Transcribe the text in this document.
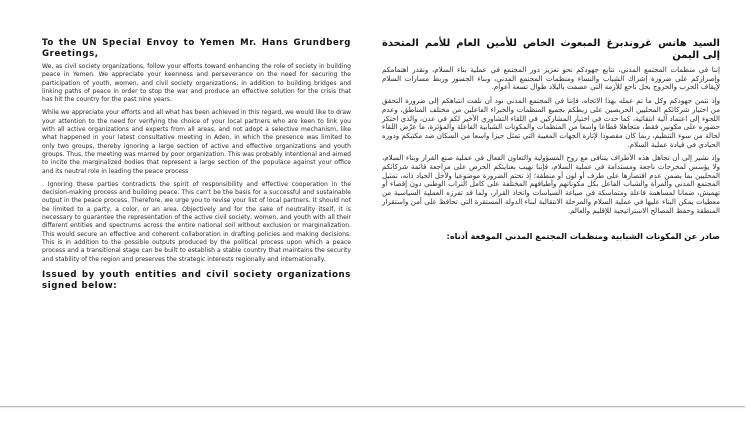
To the UN Special Envoy to Yemen Mr. Hans Grundberg Greetings,

We, as civil society organizations, follow your efforts toward enhancing the role of society in building peace in Yemen. We appreciate your keenness and perseverance on the need for securing the participation of youth, women, and civil society organizations, in addition to building bridges and linking paths of peace in order to stop the war and produce an effective solution for the crisis that has hit the country for the past nine years.

While we appreciate your efforts and all what has been achieved in this regard, we would like to draw your attention to the need for verifying the choice of your local partners who are keen to link you with all active organizations and experts from all areas, and not adopt a selective mechanism, like what happened in your latest consultative meeting in Aden, in which the presence was limited to only two groups, thereby ignoring a large section of active and effective organizations and youth groups. Thus, the meeting was marred by poor organization. This was probably intentional and aimed to incite the marginalized bodies that represent a large section of the populace against your office and its neutral role in leading the peace process

. Ignoring these parties contradicts the spirit of responsibility and effective cooperation in the decision-making process and building peace. This can't be the basis for a successful and sustainable output in the peace process. Therefore, we urge you to revise your list of local partners. It should not be limited to a party, a color, or an area. Objectively and for the sake of neutrality itself, it is necessary to guarantee the representation of the active civil society, women, and youth with all their different entities and spectrums across the entire national soil without exclusion or marginalization. This would secure an effective and coherent collaboration in drafting policies and making decisions. This is in addition to the possible outputs produced by the political process upon which a peace process and a transitional stage can be built to establish a stable country that maintains the security and stability of the region and preserves the strategic interests regionally and internationally.

Issued by youth entities and civil society organizations signed below:
السيد هانس غروندبرغ المبعوث الخاص للأمين العام للأمم المتحدة إلى اليمن

إننا في منظمات المجتمع المدني، نتابع جهودكم نحو تعزيز دور المجتمع في عملية بناء السلام، ونقدر اهتمامكم وإصراركم على ضرورة إشراك الشباب والنساء ومنظمات المجتمع المدني، وبناء الجسور وربط مسارات السلام لإيقاف الحرب والخروج بحل ناجع للأزمة التي عصفت بالبلاد طوال تسعة أعوام.

وإذ نثمن جهودكم وكل ما تم عمله بهذا الاتجاه، فإننا في المجتمع المدني نود أن نلفت انتباهكم إلى ضرورة التحقق من اختيار شركائكم المحليين الحريصين على ربطكم بجميع المنظمات والخبراء الفاعلين من مختلف المناطق، وعدم اللجوء إلى اعتماد آلية انتقائية، كما حدث في اختيار المشاركين في اللقاء التشاوري الأخير لكم في عدن، والذي احتكر حضوره على مكونين فقط، متجاهلا قطاعا واسعا من المنظمات والمكونات الشبابية الفاعلة والمؤثرة، ما عرّض اللقاء لحالة من سوء التنظيم، ربما كان مقصودا لإثارة الجهات المغيبة التي تمثل حيزا واسعا من السكان ضد مكتبكم ودوره الحيادي في قيادة عملية السلام.

وإذ نشير إلى أن تجاهل هذه الأطراف يتنافى مع روح المسؤولية والتعاون الفعال في عملية صنع القرار وبناء السلام، ولا يؤسس لمخرجات ناجعة ومستدامة في عملية السلام، فإننا نهيب بعنايتكم الحرص على مراجعة قائمة شركائكم المحليين بما يضمن عدم اقتصارها على طرف أو لون أو منطقة؛ إذ تحتم الضرورة موضوعيا ولأجل الحياد ذاته، تمثيل المجتمع المدني والمرأة والشباب الفاعل بكل مكوناتهم وأطيافهم المختلفة على كامل التراب الوطني دون إقصاء أو تهميش، ضمانا لمساهمة فاعلة ومتماسكة في صياغة السياسات واتخاذ القرار، ولما قد تفرزه العملية السياسية من معطيات يمكن البناء عليها في عملية السلام والمرحلة الانتقالية لبناء الدولة المستقرة التي تحافظ على أمن واستقرار المنطقة وحفظ المصالح الاستراتيجية للإقليم والعالم.

صادر عن المكونات الشبابية ومنظمات المجتمع المدني الموقعة أدناه:
